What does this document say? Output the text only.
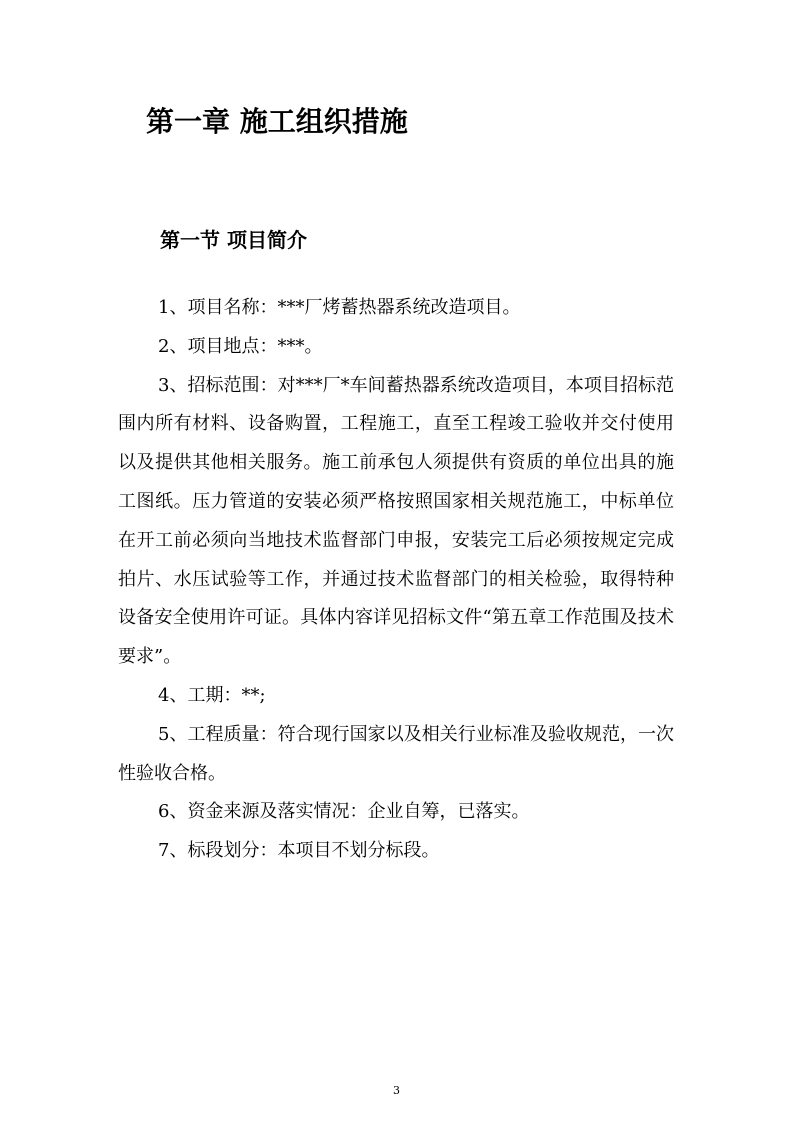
第一章 施工组织措施
第一节 项目简介

1、项目名称：***厂烤蓄热器系统改造项目。

2、项目地点：***。

3、招标范围：对***厂*车间蓄热器系统改造项目，本项目招标范围内所有材料、设备购置，工程施工，直至工程竣工验收并交付使用以及提供其他相关服务。施工前承包人须提供有资质的单位出具的施工图纸。压力管道的安装必须严格按照国家相关规范施工，中标单位在开工前必须向当地技术监督部门申报，安装完工后必须按规定完成拍片、水压试验等工作，并通过技术监督部门的相关检验，取得特种设备安全使用许可证。具体内容详见招标文件“第五章工作范围及技术要求”。

4、工期：**;

5、工程质量：符合现行国家以及相关行业标准及验收规范，一次性验收合格。

6、资金来源及落实情况：企业自筹，已落实。

7、标段划分：本项目不划分标段。

3
